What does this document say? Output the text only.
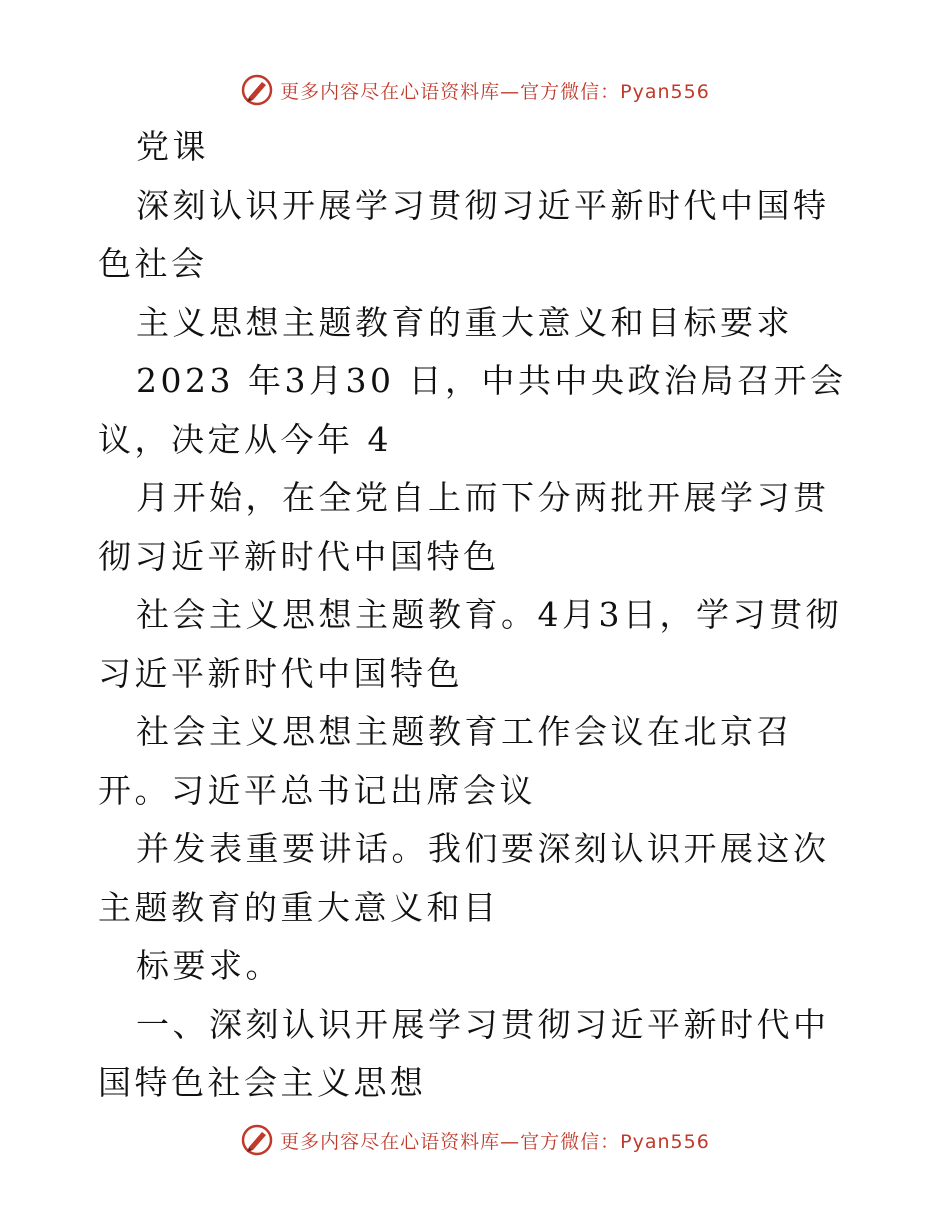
更多内容尽在心语资料库—官方微信：Pyan556

党课

深刻认识开展学习贯彻习近平新时代中国特色社会

主义思想主题教育的重大意义和目标要求

2023 年3月30 日，中共中央政治局召开会议，决定从今年 4

月开始，在全党自上而下分两批开展学习贯彻习近平新时代中国特色

社会主义思想主题教育。4月3日，学习贯彻习近平新时代中国特色

社会主义思想主题教育工作会议在北京召开。习近平总书记出席会议

并发表重要讲话。我们要深刻认识开展这次主题教育的重大意义和目

标要求。

一、深刻认识开展学习贯彻习近平新时代中国特色社会主义思想

更多内容尽在心语资料库—官方微信：Pyan556
